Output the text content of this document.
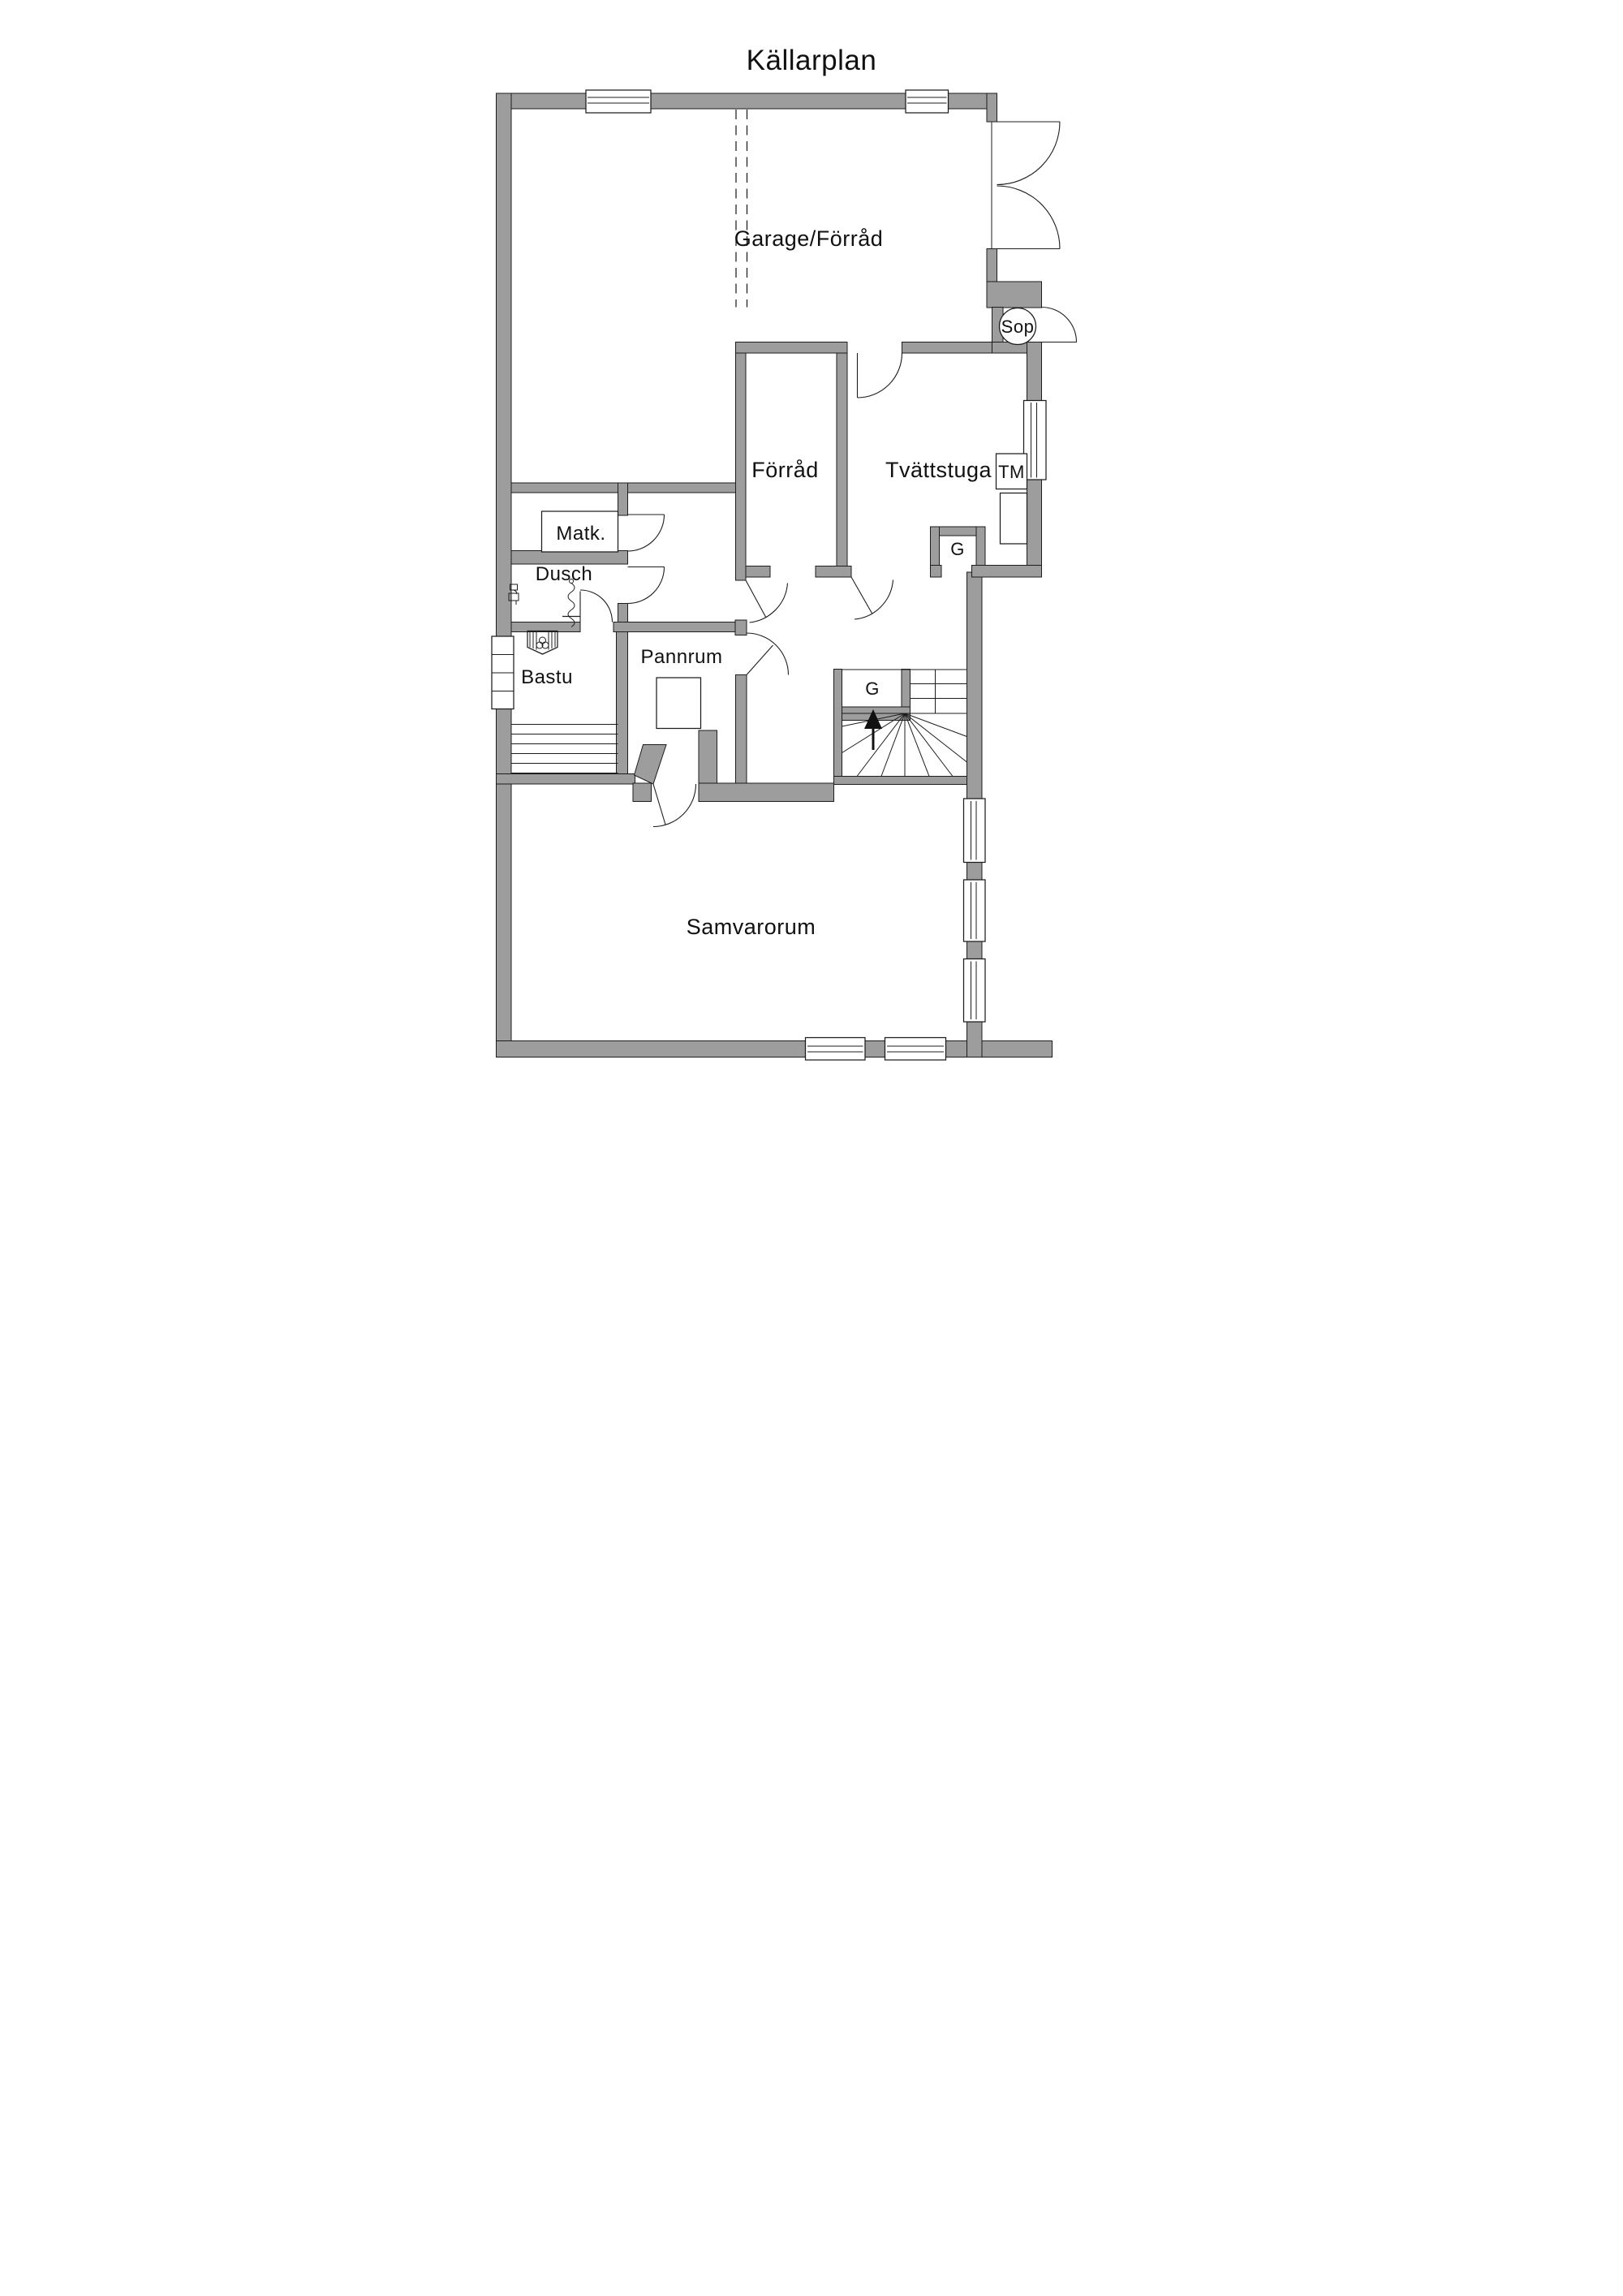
Källarplan
Garage/Förråd
Förråd Tvättstuga TM
Sop
G
Matk.
Dusch
Bastu
Pannrum
G
Samvarorum
